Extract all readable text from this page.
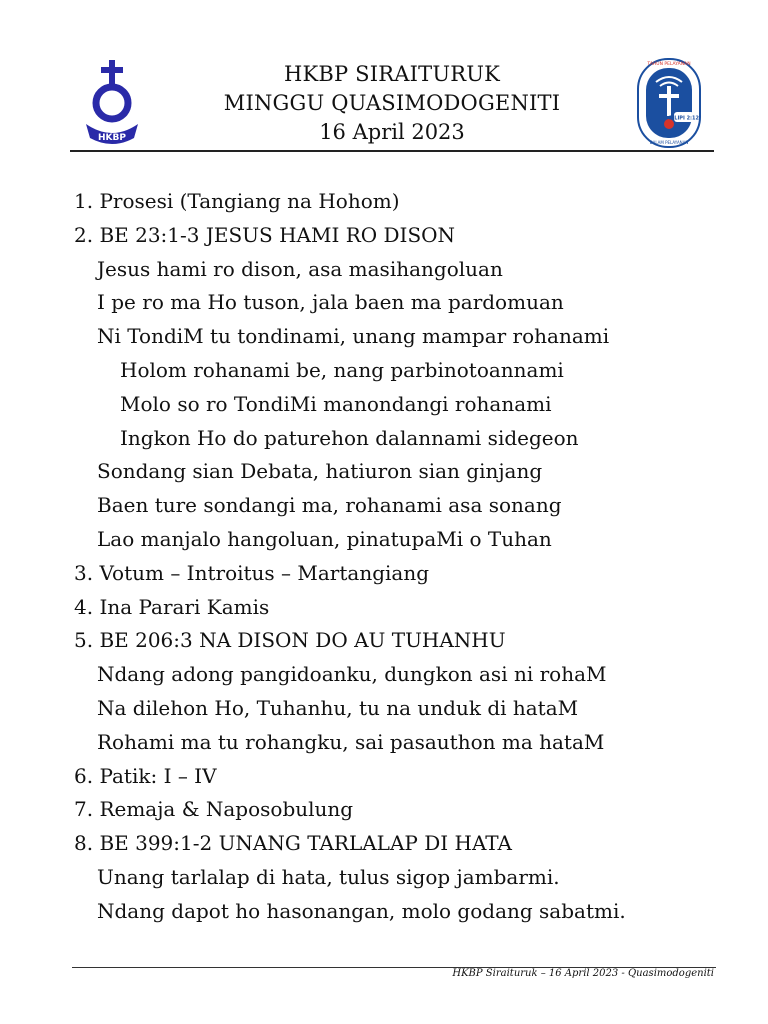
HKBP
HKBP SIRAITURUK
MINGGU QUASIMODOGENITI
16 April 2023
FILIPI 2:12
TAHUN PELAYANAN
DALAM PELAYANAN
1. Prosesi (Tangiang na Hohom)
2. BE 23:1-3 JESUS HAMI RO DISON
Jesus hami ro dison, asa masihangoluan
I pe ro ma Ho tuson, jala baen ma pardomuan
Ni TondiM tu tondinami, unang mampar rohanami
Holom rohanami be, nang parbinotoannami
Molo so ro TondiMi manondangi rohanami
Ingkon Ho do paturehon dalannami sidegeon
Sondang sian Debata, hatiuron sian ginjang
Baen ture sondangi ma, rohanami asa sonang
Lao manjalo hangoluan, pinatupaMi o Tuhan
3. Votum – Introitus – Martangiang
4. Ina Parari Kamis
5. BE 206:3 NA DISON DO AU TUHANHU
Ndang adong pangidoanku, dungkon asi ni rohaM
Na dilehon Ho, Tuhanhu, tu na unduk di hataM
Rohami ma tu rohangku, sai pasauthon ma hataM
6. Patik: I – IV
7. Remaja & Naposobulung
8. BE 399:1-2 UNANG TARLALAP DI HATA
Unang tarlalap di hata, tulus sigop jambarmi.
Ndang dapot ho hasonangan, molo godang sabatmi.
HKBP Siraituruk – 16 April 2023 - Quasimodogeniti
